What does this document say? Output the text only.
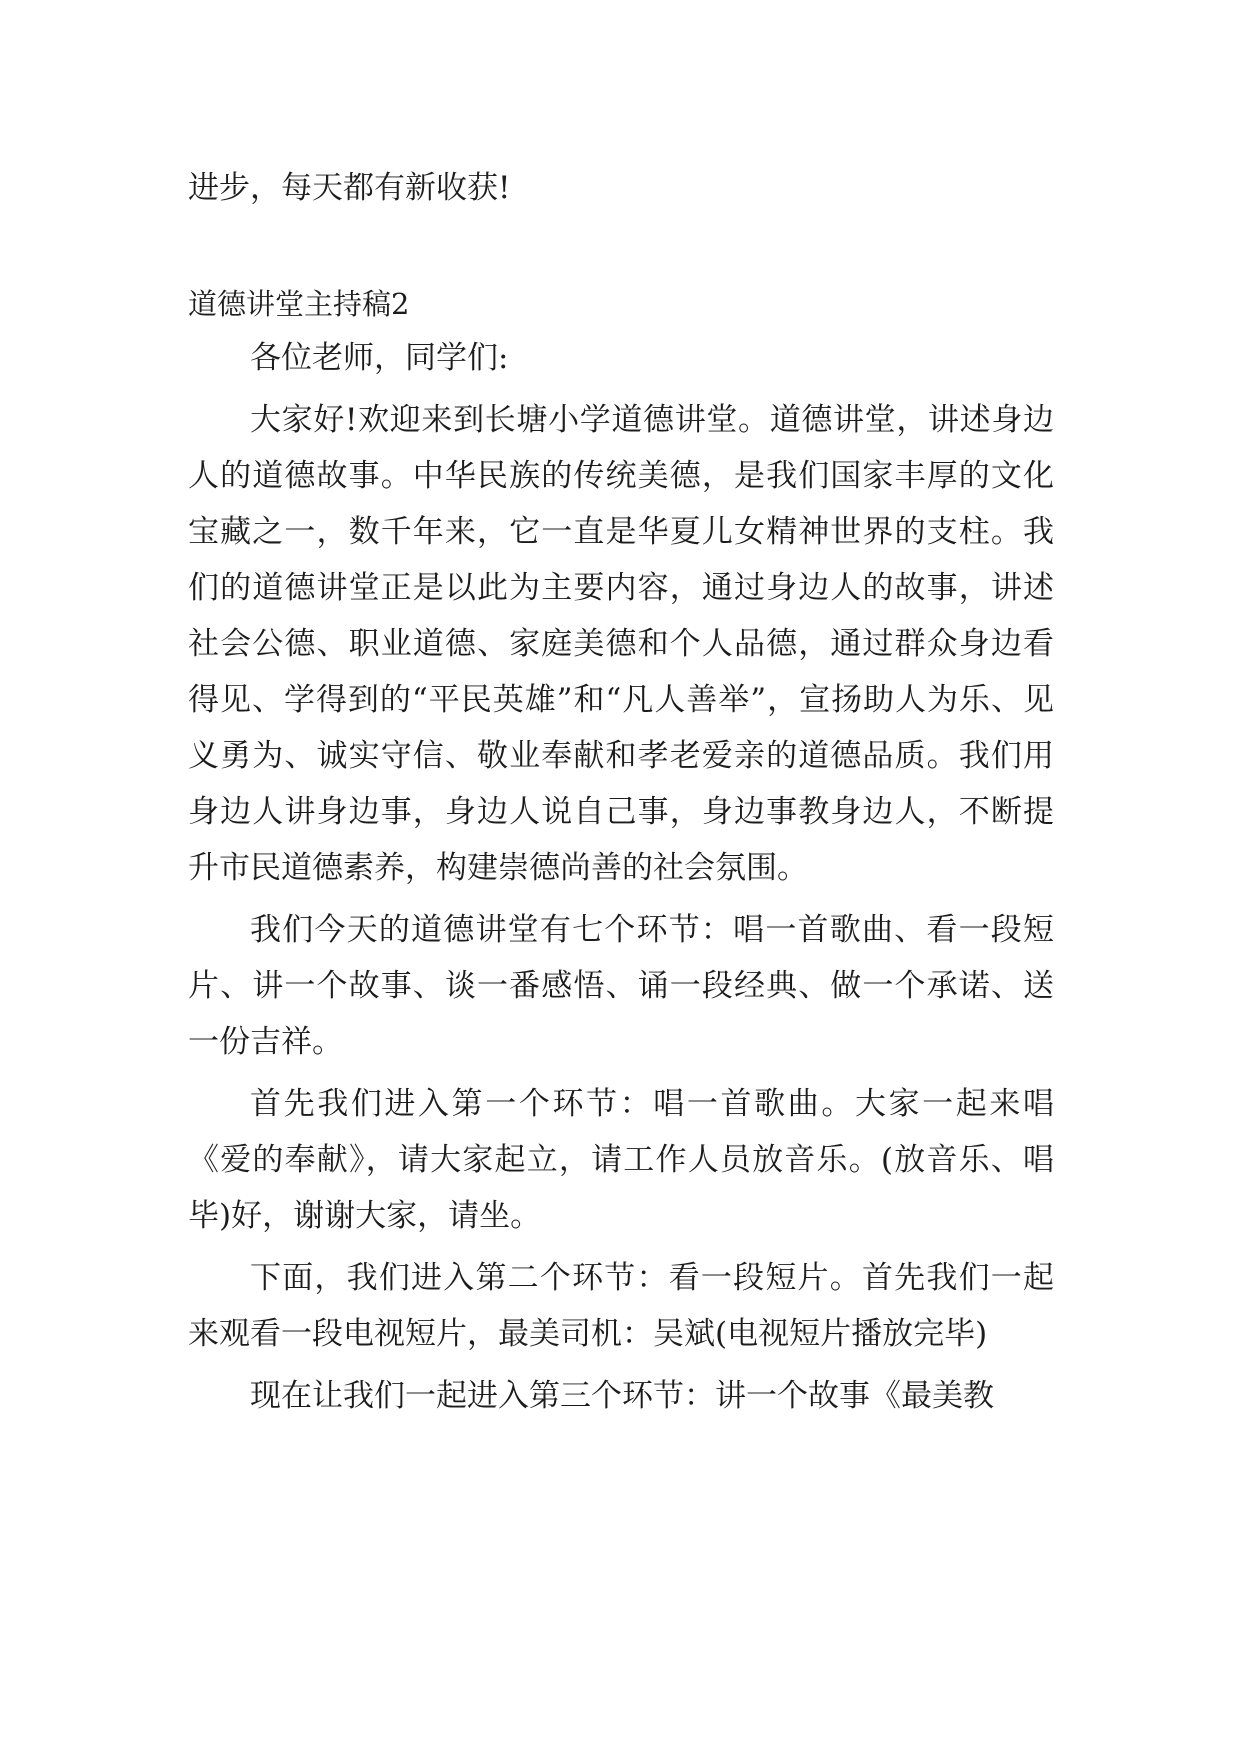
进步，每天都有新收获!

道德讲堂主持稿2

各位老师，同学们:

大家好!欢迎来到长塘小学道德讲堂。道德讲堂，讲述身边人的道德故事。中华民族的传统美德，是我们国家丰厚的文化宝藏之一，数千年来，它一直是华夏儿女精神世界的支柱。我们的道德讲堂正是以此为主要内容，通过身边人的故事，讲述社会公德、职业道德、家庭美德和个人品德，通过群众身边看得见、学得到的“平民英雄”和“凡人善举”，宣扬助人为乐、见义勇为、诚实守信、敬业奉献和孝老爱亲的道德品质。我们用身边人讲身边事，身边人说自己事，身边事教身边人，不断提升市民道德素养，构建崇德尚善的社会氛围。

我们今天的道德讲堂有七个环节：唱一首歌曲、看一段短片、讲一个故事、谈一番感悟、诵一段经典、做一个承诺、送一份吉祥。

首先我们进入第一个环节：唱一首歌曲。大家一起来唱《爱的奉献》，请大家起立，请工作人员放音乐。(放音乐、唱毕)好，谢谢大家，请坐。

下面，我们进入第二个环节：看一段短片。首先我们一起来观看一段电视短片，最美司机：吴斌(电视短片播放完毕)

现在让我们一起进入第三个环节：讲一个故事《最美教
